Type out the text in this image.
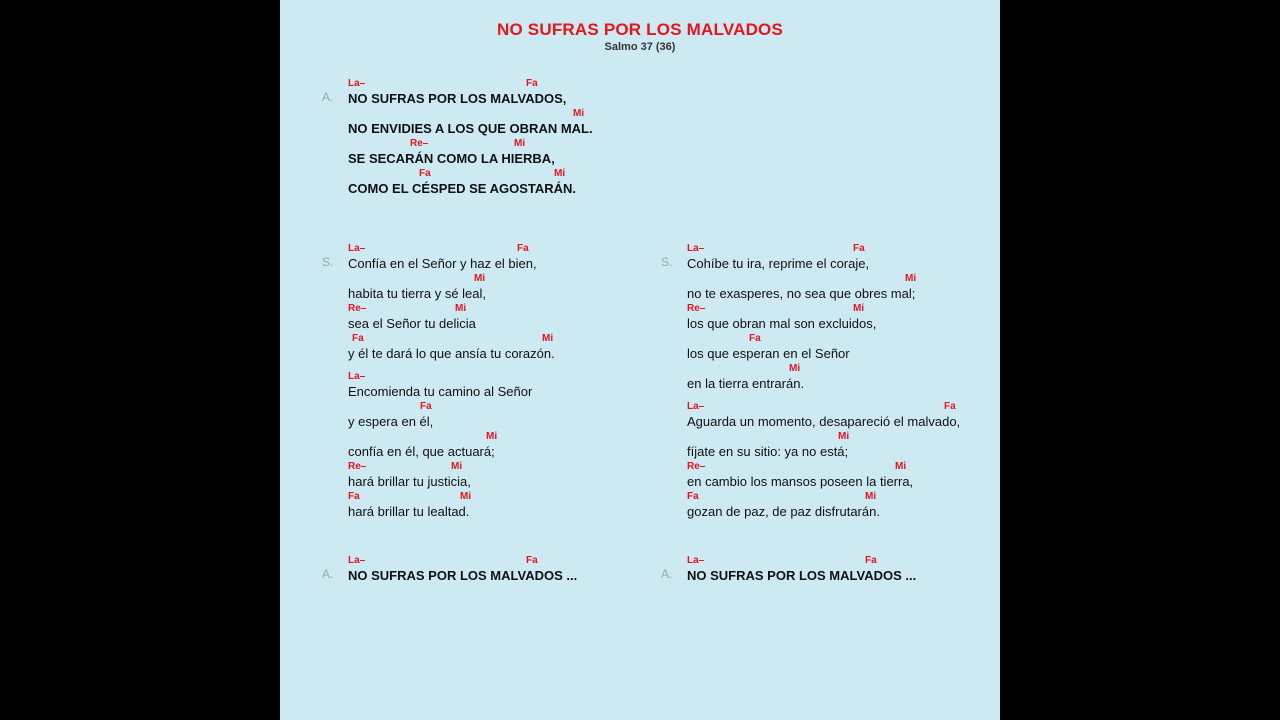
NO SUFRAS POR LOS MALVADOS
Salmo 37 (36)
La–	Fa
NO SUFRAS POR LOS MALVADOS,
A.
Mi
NO ENVIDIES A LOS QUE OBRAN MAL.
Re–	Mi
SE SECARÁN COMO LA HIERBA,
Fa	Mi
COMO EL CÉSPED SE AGOSTARÁN.
S.
La–	Fa
Confía en el Señor y haz el bien,
Mi
habita tu tierra y sé leal,
Re–	Mi
sea el Señor tu delicia
Fa	Mi
y él te dará lo que ansía tu corazón.
La–
Encomienda tu camino al Señor
Fa
y espera en él,
Mi
confía en él, que actuará;
Re–	Mi
hará brillar tu justicia,
Fa	Mi
hará brillar tu lealtad.
S.
La–	Fa
Cohíbe tu ira, reprime el coraje,
Mi
no te exasperes, no sea que obres mal;
Re–	Mi
los que obran mal son excluidos,
Fa
los que esperan en el Señor
Mi
en la tierra entrarán.
La–	Fa
Aguarda un momento, desapareció el malvado,
Mi
fíjate en su sitio: ya no está;
Re–	Mi
en cambio los mansos poseen la tierra,
Fa	Mi
gozan de paz, de paz disfrutarán.
A.
La–	Fa
NO SUFRAS POR LOS MALVADOS ...	A.
La–	Fa
NO SUFRAS POR LOS MALVADOS ...
